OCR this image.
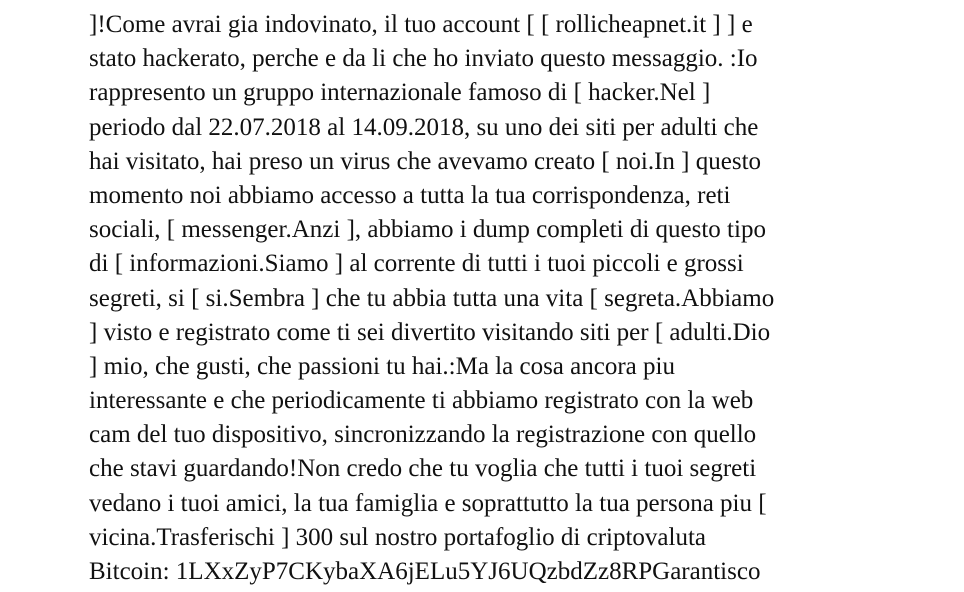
]!Come avrai gia indovinato, il tuo account [ [ rollicheapnet.it ] ] e
stato hackerato, perche e da li che ho inviato questo messaggio. :Io
rappresento un gruppo internazionale famoso di [ hacker.Nel ]
periodo dal 22.07.2018 al 14.09.2018, su uno dei siti per adulti che
hai visitato, hai preso un virus che avevamo creato [ noi.In ] questo
momento noi abbiamo accesso a tutta la tua corrispondenza, reti
sociali, [ messenger.Anzi ], abbiamo i dump completi di questo tipo
di [ informazioni.Siamo ] al corrente di tutti i tuoi piccoli e grossi
segreti, si [ si.Sembra ] che tu abbia tutta una vita [ segreta.Abbiamo
] visto e registrato come ti sei divertito visitando siti per [ adulti.Dio
] mio, che gusti, che passioni tu hai.:Ma la cosa ancora piu
interessante e che periodicamente ti abbiamo registrato con la web
cam del tuo dispositivo, sincronizzando la registrazione con quello
che stavi guardando!Non credo che tu voglia che tutti i tuoi segreti
vedano i tuoi amici, la tua famiglia e soprattutto la tua persona piu [
vicina.Trasferischi ] 300 sul nostro portafoglio di criptovaluta
Bitcoin: 1LXxZyP7CKybaXA6jELu5YJ6UQzbdZz8RPGarantisco
